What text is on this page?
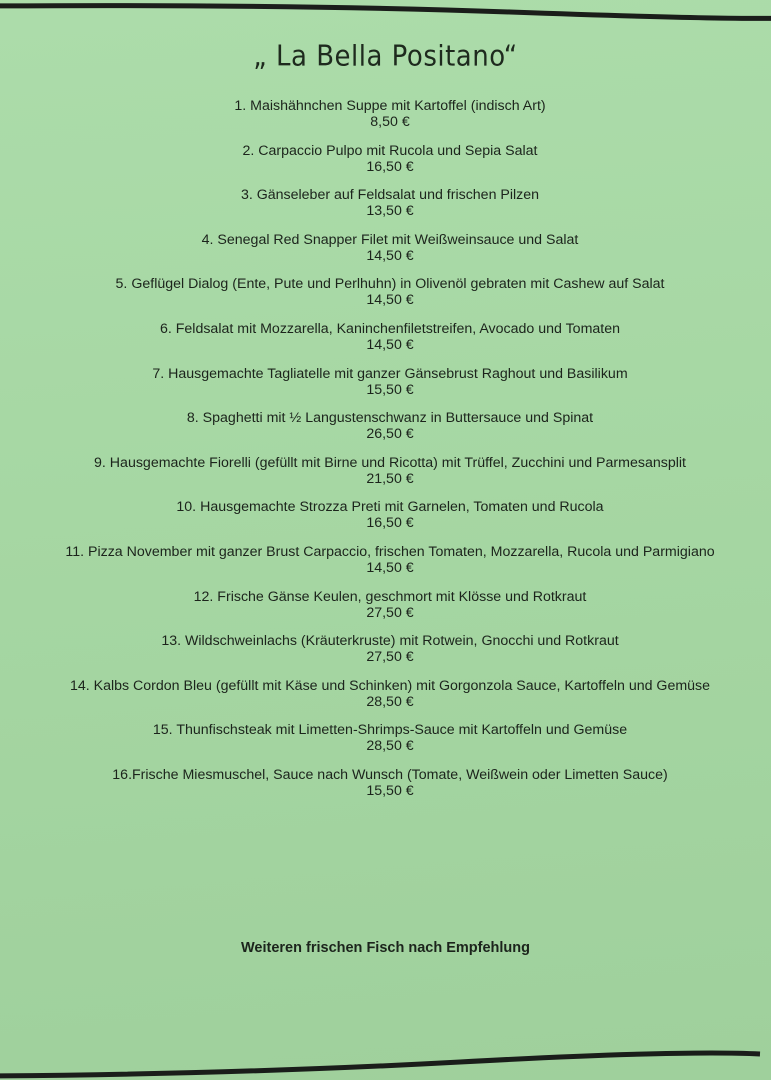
„ La Bella Positano“
1. Maishähnchen Suppe mit Kartoffel (indisch Art)
8,50 €
2. Carpaccio Pulpo mit Rucola und Sepia Salat
16,50 €
3. Gänseleber auf Feldsalat und frischen Pilzen
13,50 €
4. Senegal Red Snapper Filet mit Weißweinsauce und Salat
14,50 €
5. Geflügel Dialog (Ente, Pute und Perlhuhn) in Olivenöl gebraten mit Cashew auf Salat
14,50 €
6. Feldsalat mit Mozzarella, Kaninchenfiletstreifen, Avocado und Tomaten
14,50 €
7. Hausgemachte Tagliatelle mit ganzer Gänsebrust Raghout und Basilikum
15,50 €
8. Spaghetti mit ½ Langustenschwanz in Buttersauce und Spinat
26,50 €
9. Hausgemachte Fiorelli (gefüllt mit Birne und Ricotta) mit Trüffel, Zucchini und Parmesansplit
21,50 €
10. Hausgemachte Strozza Preti mit Garnelen, Tomaten und Rucola
16,50 €
11. Pizza November mit ganzer Brust Carpaccio, frischen Tomaten, Mozzarella, Rucola und Parmigiano
14,50 €
12. Frische Gänse Keulen, geschmort mit Klösse und Rotkraut
27,50 €
13. Wildschweinlachs (Kräuterkruste) mit Rotwein, Gnocchi und Rotkraut
27,50 €
14. Kalbs Cordon Bleu (gefüllt mit Käse und Schinken) mit Gorgonzola Sauce, Kartoffeln und Gemüse
28,50 €
15. Thunfischsteak mit Limetten-Shrimps-Sauce mit Kartoffeln und Gemüse
28,50 €
16.Frische Miesmuschel, Sauce nach Wunsch (Tomate, Weißwein oder Limetten Sauce)
15,50 €
Weiteren frischen Fisch nach Empfehlung
